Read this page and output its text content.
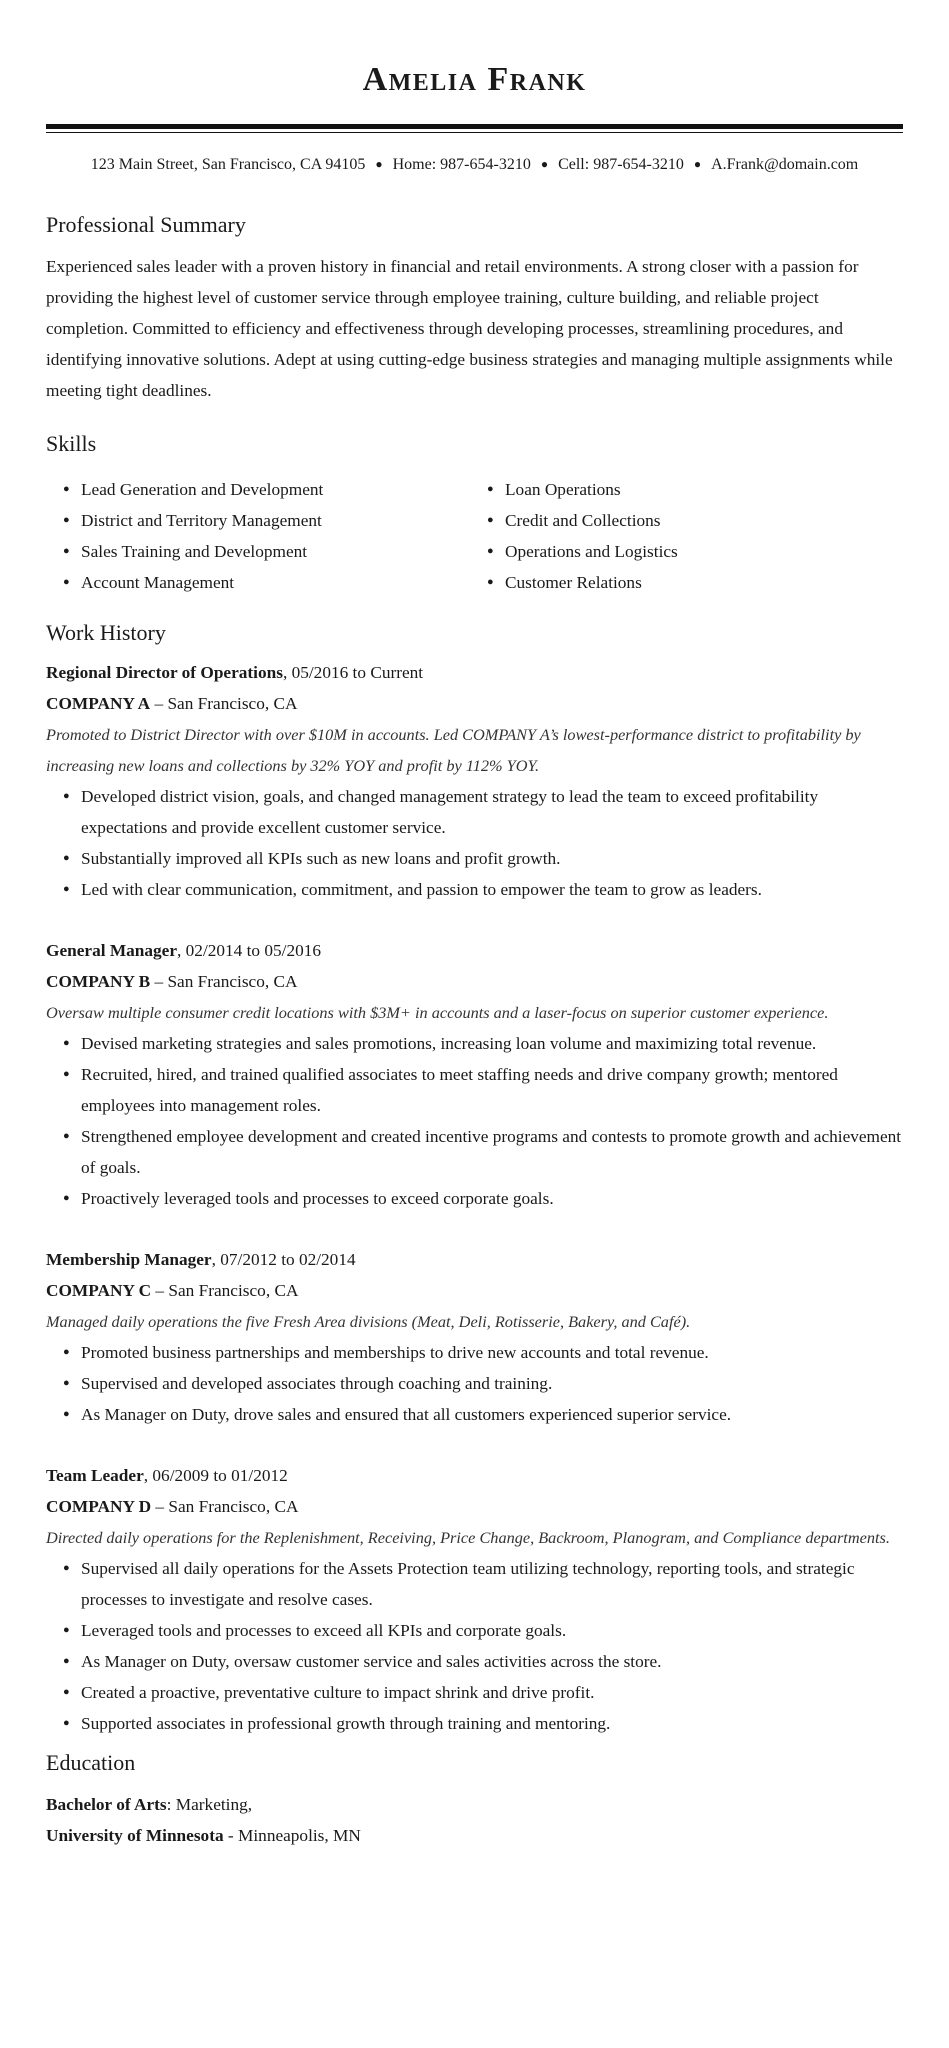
Amelia Frank
123 Main Street, San Francisco, CA 94105 ● Home: 987-654-3210 ● Cell: 987-654-3210 ● A.Frank@domain.com
Professional Summary
Experienced sales leader with a proven history in financial and retail environments. A strong closer with a passion for providing the highest level of customer service through employee training, culture building, and reliable project completion. Committed to efficiency and effectiveness through developing processes, streamlining procedures, and identifying innovative solutions. Adept at using cutting-edge business strategies and managing multiple assignments while meeting tight deadlines.
Skills
● Lead Generation and Development
● District and Territory Management
● Sales Training and Development
● Account Management
● Loan Operations
● Credit and Collections
● Operations and Logistics
● Customer Relations
Work History
Regional Director of Operations, 05/2016 to Current
COMPANY A – San Francisco, CA
Promoted to District Director with over $10M in accounts. Led COMPANY A’s lowest-performance district to profitability by increasing new loans and collections by 32% YOY and profit by 112% YOY.
● Developed district vision, goals, and changed management strategy to lead the team to exceed profitability expectations and provide excellent customer service.
● Substantially improved all KPIs such as new loans and profit growth.
● Led with clear communication, commitment, and passion to empower the team to grow as leaders.
General Manager, 02/2014 to 05/2016
COMPANY B – San Francisco, CA
Oversaw multiple consumer credit locations with $3M+ in accounts and a laser-focus on superior customer experience.
● Devised marketing strategies and sales promotions, increasing loan volume and maximizing total revenue.
● Recruited, hired, and trained qualified associates to meet staffing needs and drive company growth; mentored employees into management roles.
● Strengthened employee development and created incentive programs and contests to promote growth and achievement of goals.
● Proactively leveraged tools and processes to exceed corporate goals.
Membership Manager, 07/2012 to 02/2014
COMPANY C – San Francisco, CA
Managed daily operations the five Fresh Area divisions (Meat, Deli, Rotisserie, Bakery, and Café).
● Promoted business partnerships and memberships to drive new accounts and total revenue.
● Supervised and developed associates through coaching and training.
● As Manager on Duty, drove sales and ensured that all customers experienced superior service.
Team Leader, 06/2009 to 01/2012
COMPANY D – San Francisco, CA
Directed daily operations for the Replenishment, Receiving, Price Change, Backroom, Planogram, and Compliance departments.
● Supervised all daily operations for the Assets Protection team utilizing technology, reporting tools, and strategic processes to investigate and resolve cases.
● Leveraged tools and processes to exceed all KPIs and corporate goals.
● As Manager on Duty, oversaw customer service and sales activities across the store.
● Created a proactive, preventative culture to impact shrink and drive profit.
● Supported associates in professional growth through training and mentoring.
Education
Bachelor of Arts: Marketing,
University of Minnesota - Minneapolis, MN
